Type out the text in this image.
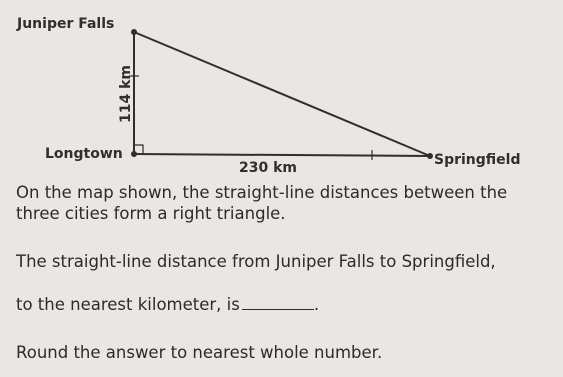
Juniper Falls
Longtown	Springfield
230 km
114 km

On the map shown, the straight-line distances between the three cities form a right triangle.

The straight-line distance from Juniper Falls to Springfield,

to the nearest kilometer, is	.

Round the answer to nearest whole number.
